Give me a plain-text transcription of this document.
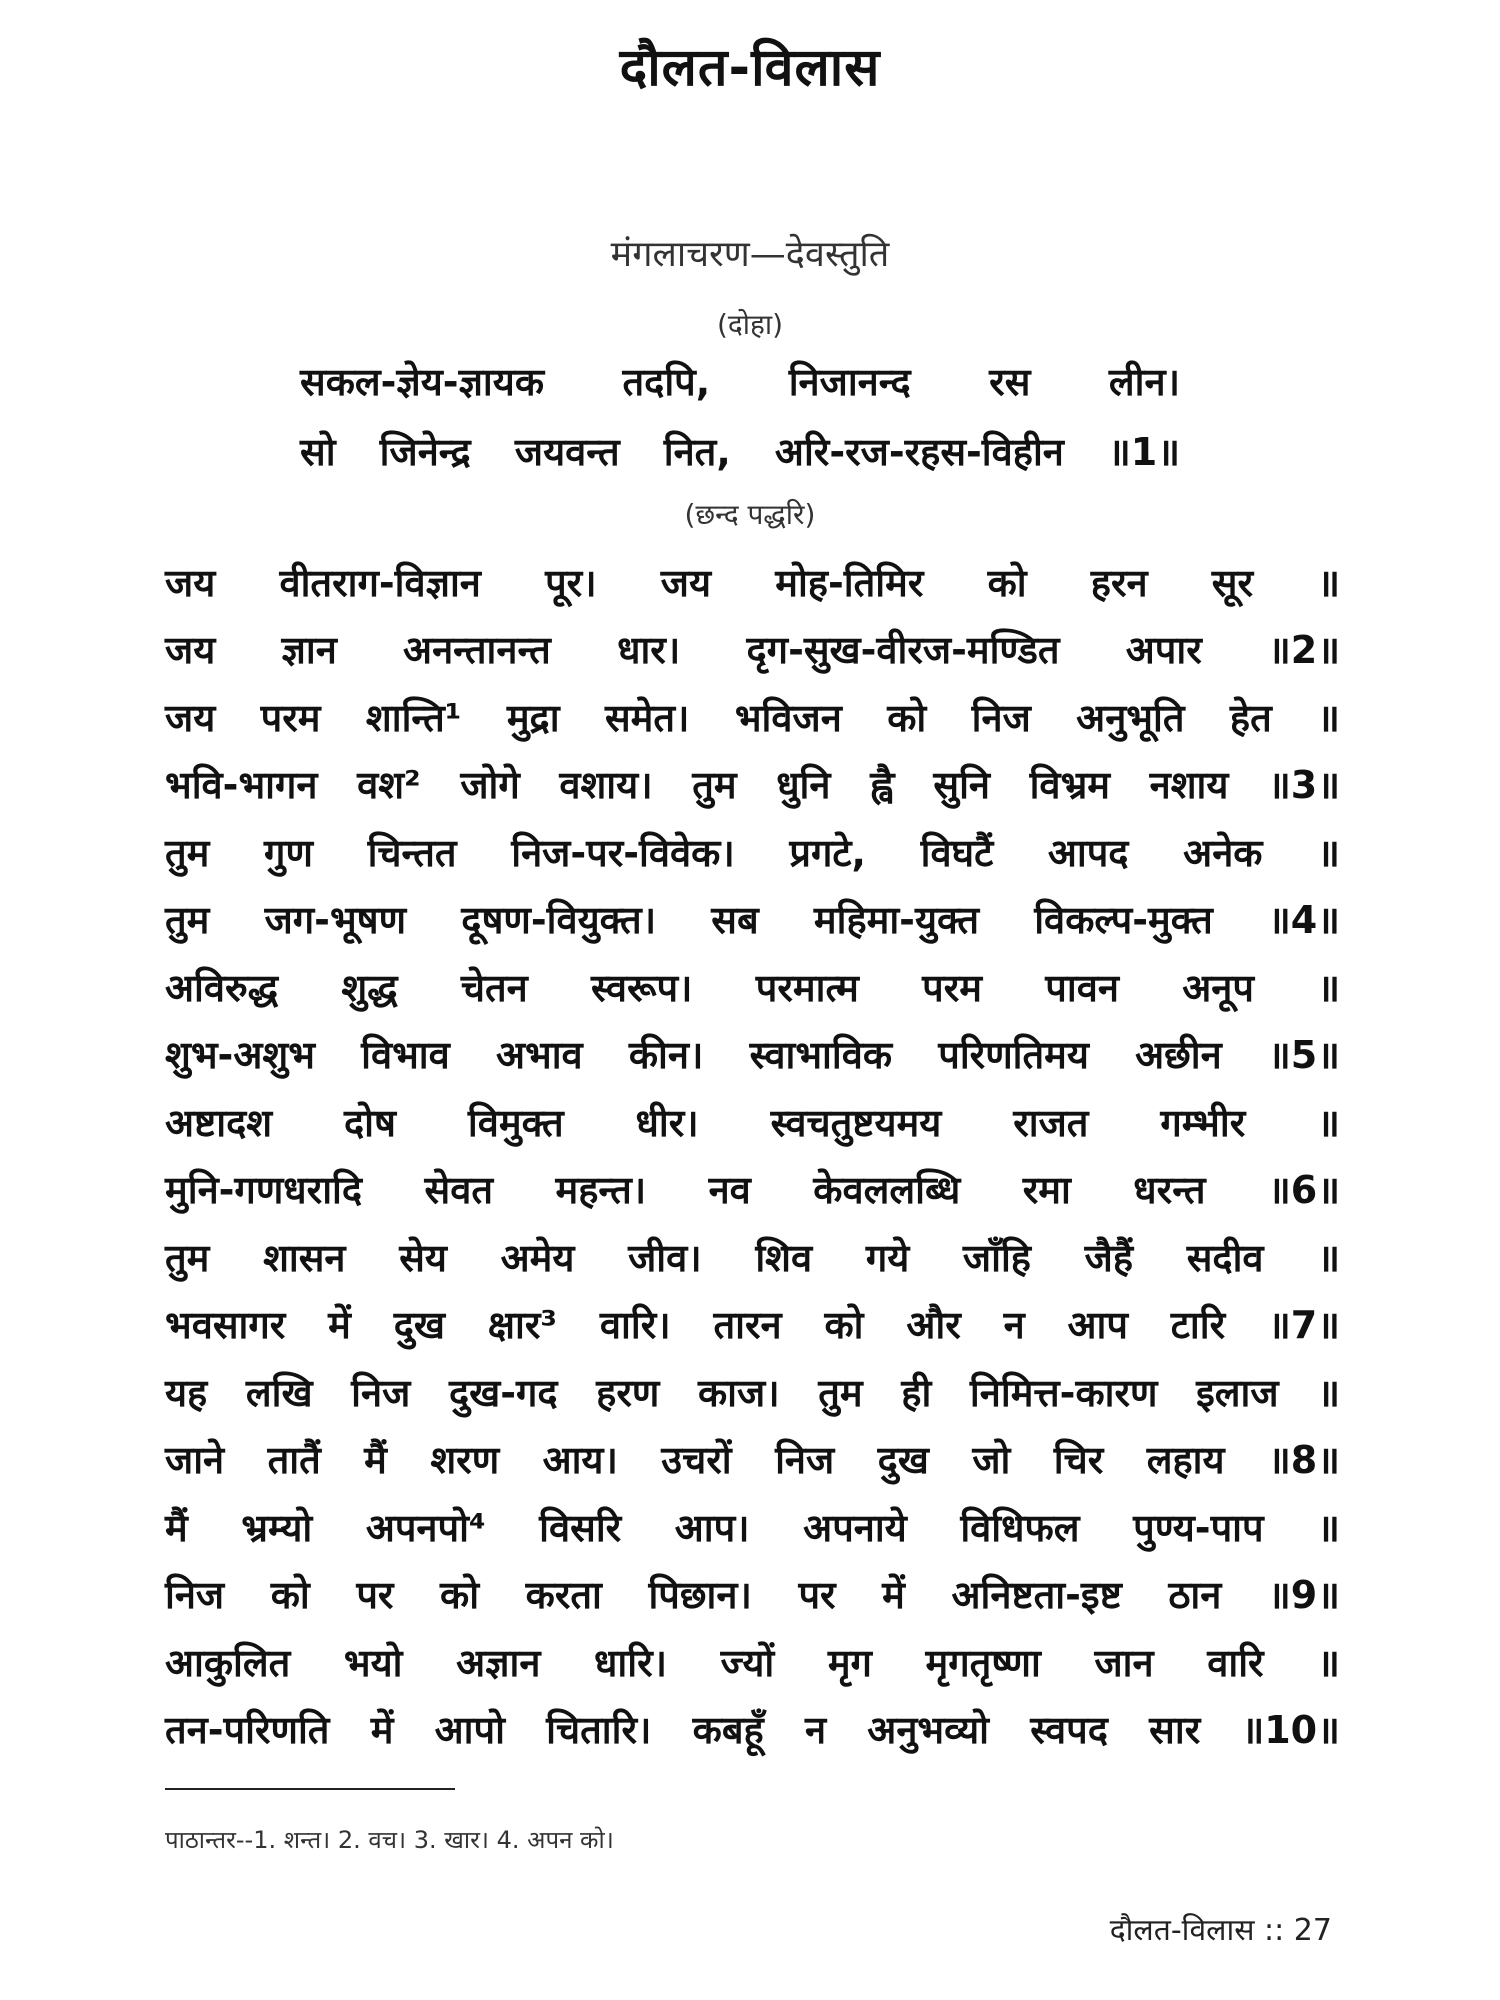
दौलत-विलास
मंगलाचरण—देवस्तुति
(दोहा)
सकल-ज्ञेय-ज्ञायक तदपि, निजानन्द रस लीन।
सो जिनेन्द्र जयवन्त नित, अरि-रज-रहस-विहीन ॥1॥
(छन्द पद्धरि)
जय वीतराग-विज्ञान पूर। जय मोह-तिमिर को हरन सूर ॥
जय ज्ञान अनन्तानन्त धार। दृग-सुख-वीरज-मण्डित अपार ॥2॥
जय परम शान्ति¹ मुद्रा समेत। भविजन को निज अनुभूति हेत ॥
भवि-भागन वश² जोगे वशाय। तुम धुनि ह्वै सुनि विभ्रम नशाय ॥3॥
तुम गुण चिन्तत निज-पर-विवेक। प्रगटे, विघटैं आपद अनेक ॥
तुम जग-भूषण दूषण-वियुक्त। सब महिमा-युक्त विकल्प-मुक्त ॥4॥
अविरुद्ध शुद्ध चेतन स्वरूप। परमात्म परम पावन अनूप ॥
शुभ-अशुभ विभाव अभाव कीन। स्वाभाविक परिणतिमय अछीन ॥5॥
अष्टादश दोष विमुक्त धीर। स्वचतुष्टयमय राजत गम्भीर ॥
मुनि-गणधरादि सेवत महन्त। नव केवललब्धि रमा धरन्त ॥6॥
तुम शासन सेय अमेय जीव। शिव गये जाँहि जैहैं सदीव ॥
भवसागर में दुख क्षार³ वारि। तारन को और न आप टारि ॥7॥
यह लखि निज दुख-गद हरण काज। तुम ही निमित्त-कारण इलाज ॥
जाने तातैं मैं शरण आय। उचरों निज दुख जो चिर लहाय ॥8॥
मैं भ्रम्यो अपनपो⁴ विसरि आप। अपनाये विधिफल पुण्य-पाप ॥
निज को पर को करता पिछान। पर में अनिष्टता-इष्ट ठान ॥9॥
आकुलित भयो अज्ञान धारि। ज्यों मृग मृगतृष्णा जान वारि ॥
तन-परिणति में आपो चितारि। कबहूँ न अनुभव्यो स्वपद सार ॥10॥
पाठान्तर--1. शन्त। 2. वच। 3. खार। 4. अपन को।
दौलत-विलास :: 27
